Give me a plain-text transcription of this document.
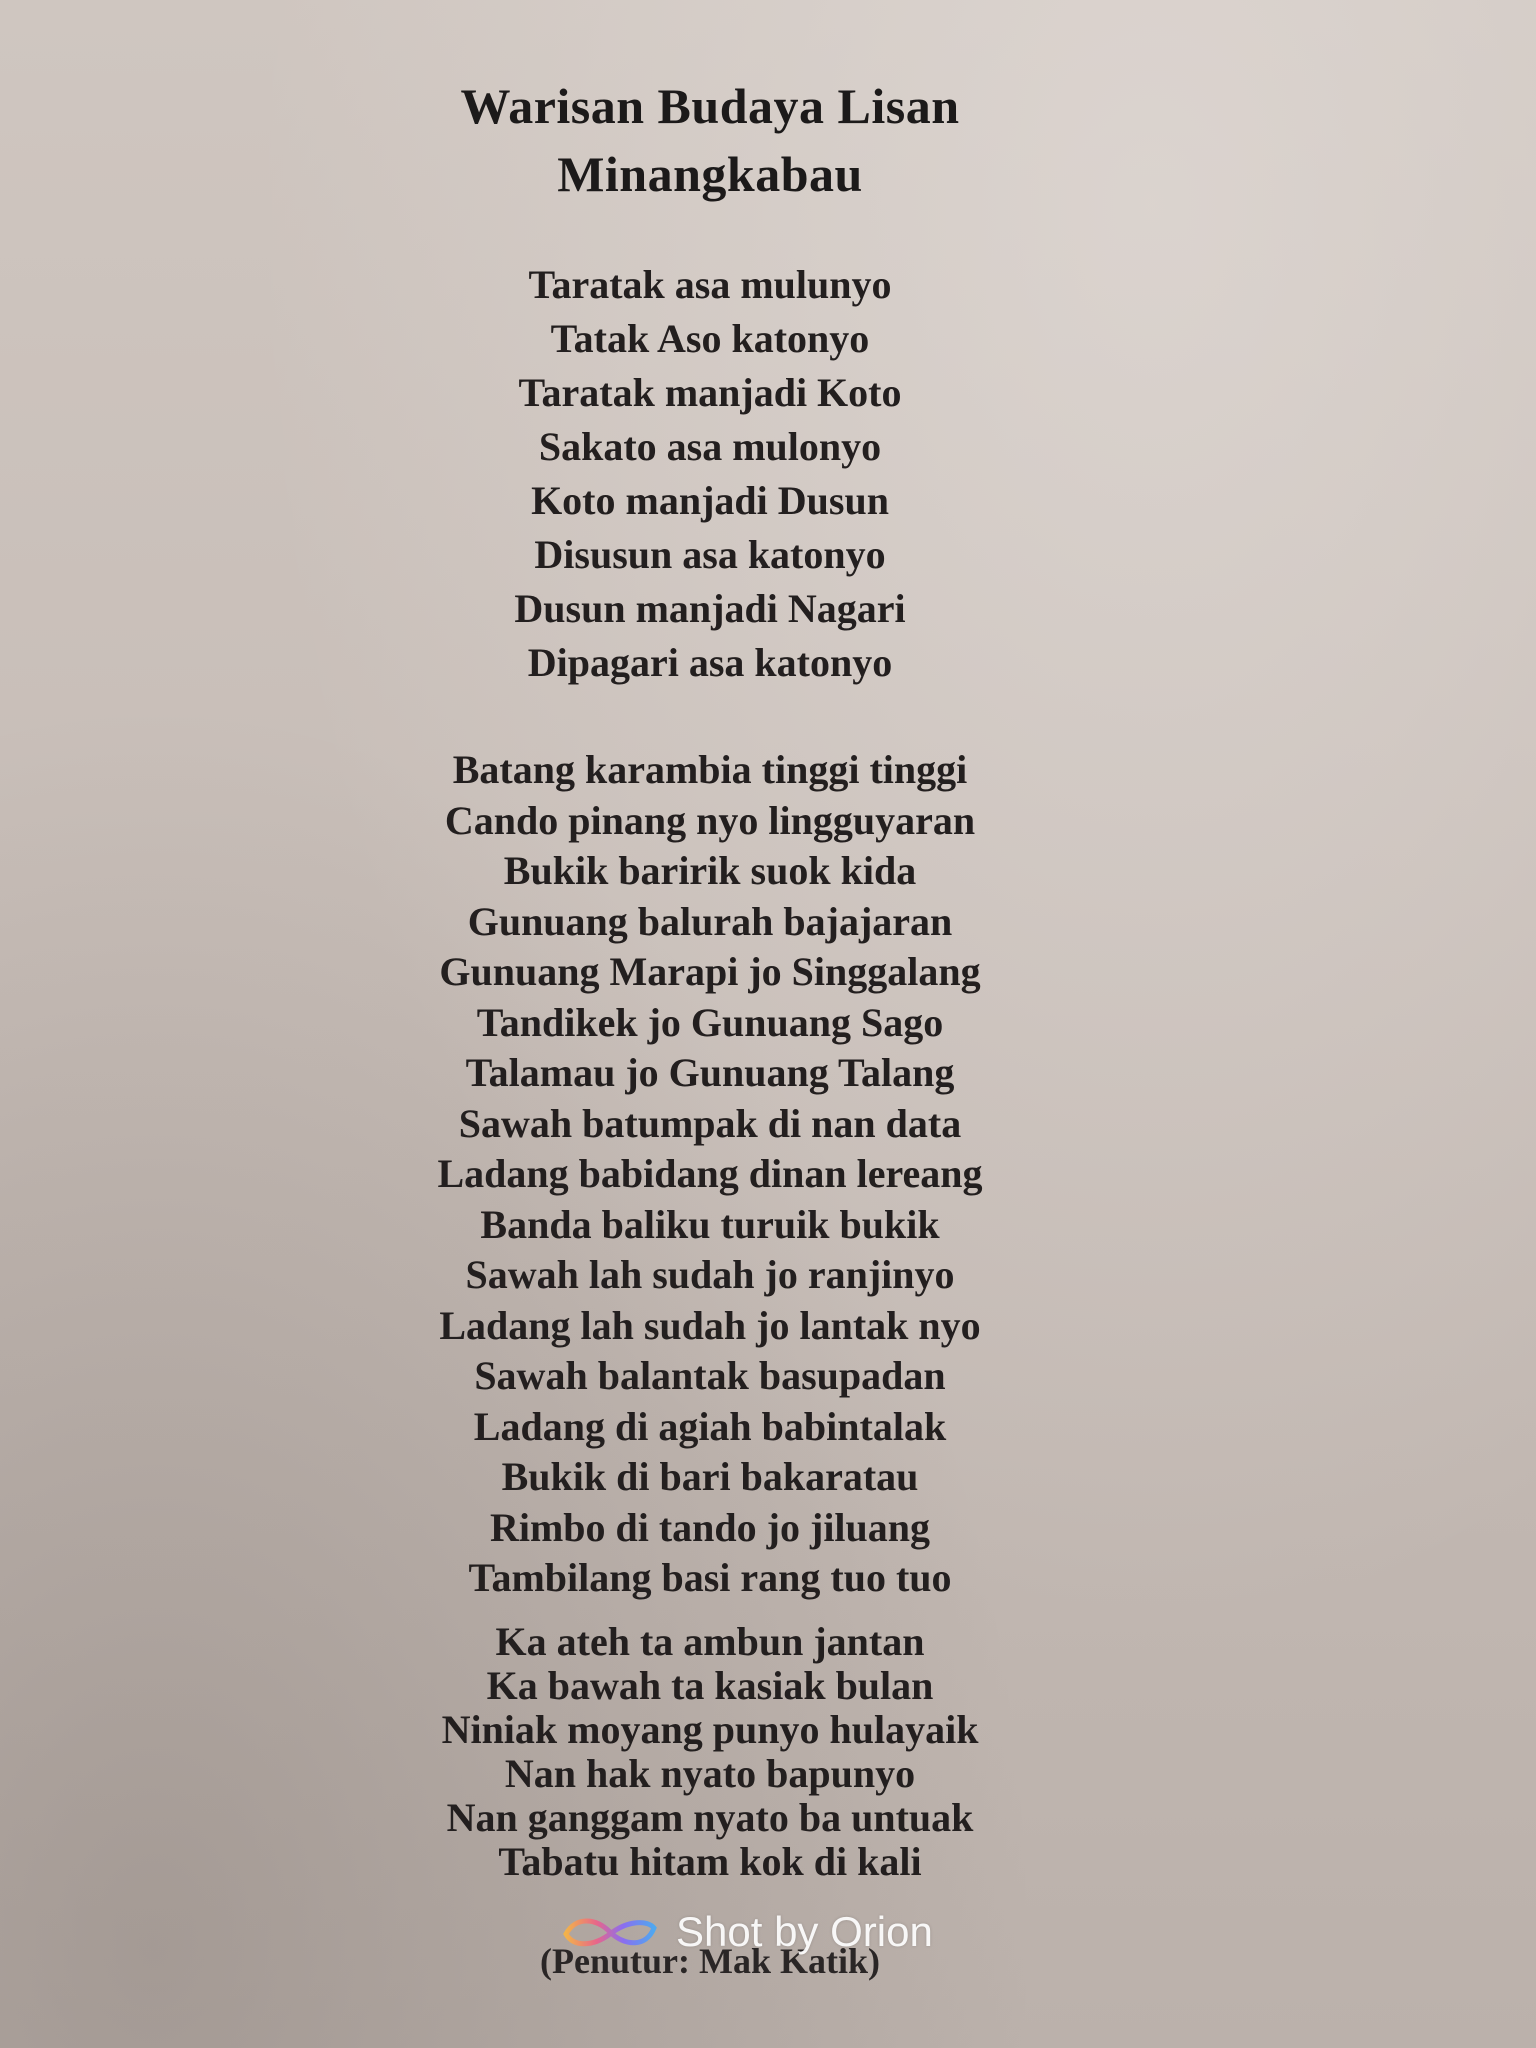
Warisan Budaya Lisan
Minangkabau
Taratak asa mulunyo
Tatak Aso katonyo
Taratak manjadi Koto
Sakato asa mulonyo
Koto manjadi Dusun
Disusun asa katonyo
Dusun manjadi Nagari
Dipagari asa katonyo
Batang karambia tinggi tinggi
Cando pinang nyo lingguyaran
Bukik baririk suok kida
Gunuang balurah bajajaran
Gunuang Marapi jo Singgalang
Tandikek jo Gunuang Sago
Talamau jo Gunuang Talang
Sawah batumpak di nan data
Ladang babidang dinan lereang
Banda baliku turuik bukik
Sawah lah sudah jo ranjinyo
Ladang lah sudah jo lantak nyo
Sawah balantak basupadan
Ladang di agiah babintalak
Bukik di bari bakaratau
Rimbo di tando jo jiluang
Tambilang basi rang tuo tuo
Ka ateh ta ambun jantan
Ka bawah ta kasiak bulan
Niniak moyang punyo hulayaik
Nan hak nyato bapunyo
Nan ganggam nyato ba untuak
Tabatu hitam kok di kali
(Penutur: Mak Katik)
Shot by Orion
